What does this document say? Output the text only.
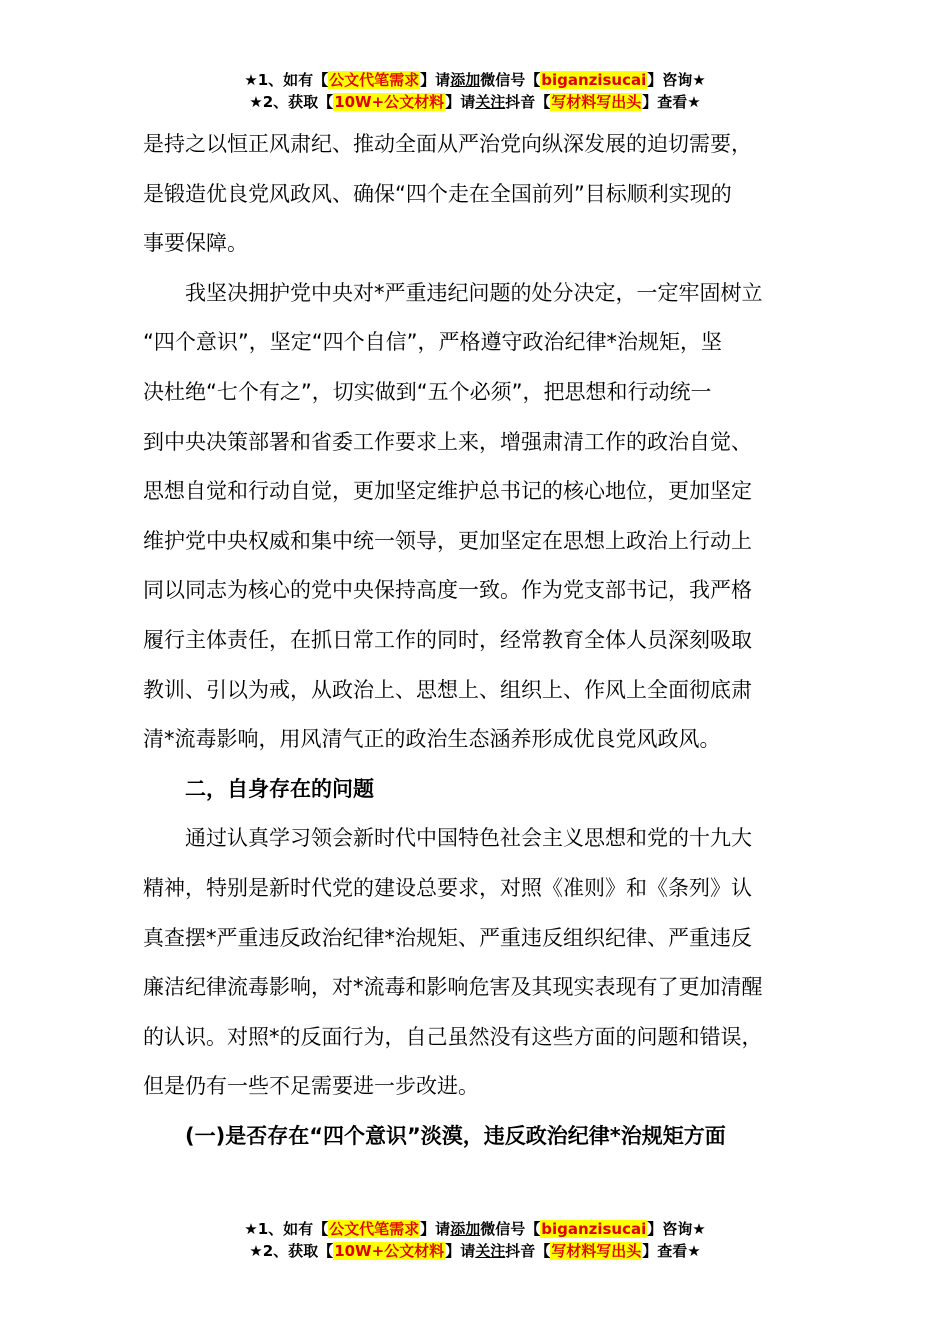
★1、如有【公文代笔需求】请添加微信号【biganzisucai】咨询★
★2、获取【10W+公文材料】请关注抖音【写材料写出头】查看★

是持之以恒正风肃纪、推动全面从严治党向纵深发展的迫切需要，
是锻造优良党风政风、确保“四个走在全国前列”目标顺利实现的
事要保障。

　　我坚决拥护党中央对*严重违纪问题的处分决定，一定牢固树立
“四个意识”，坚定“四个自信”，严格遵守政治纪律*治规矩，坚
决杜绝“七个有之”，切实做到“五个必须”，把思想和行动统一
到中央决策部署和省委工作要求上来，增强肃清工作的政治自觉、
思想自觉和行动自觉，更加坚定维护总书记的核心地位，更加坚定
维护党中央权威和集中统一领导，更加坚定在思想上政治上行动上
同以同志为核心的党中央保持高度一致。作为党支部书记，我严格
履行主体责任，在抓日常工作的同时，经常教育全体人员深刻吸取
教训、引以为戒，从政治上、思想上、组织上、作风上全面彻底肃
清*流毒影响，用风清气正的政治生态涵养形成优良党风政风。

　　二，自身存在的问题

　　通过认真学习领会新时代中国特色社会主义思想和党的十九大
精神，特别是新时代党的建设总要求，对照《准则》和《条列》认
真查摆*严重违反政治纪律*治规矩、严重违反组织纪律、严重违反
廉洁纪律流毒影响，对*流毒和影响危害及其现实表现有了更加清醒
的认识。对照*的反面行为，自己虽然没有这些方面的问题和错误，
但是仍有一些不足需要进一步改进。

　　(一)是否存在“四个意识”淡漠，违反政治纪律*治规矩方面

★1、如有【公文代笔需求】请添加微信号【biganzisucai】咨询★
★2、获取【10W+公文材料】请关注抖音【写材料写出头】查看★
